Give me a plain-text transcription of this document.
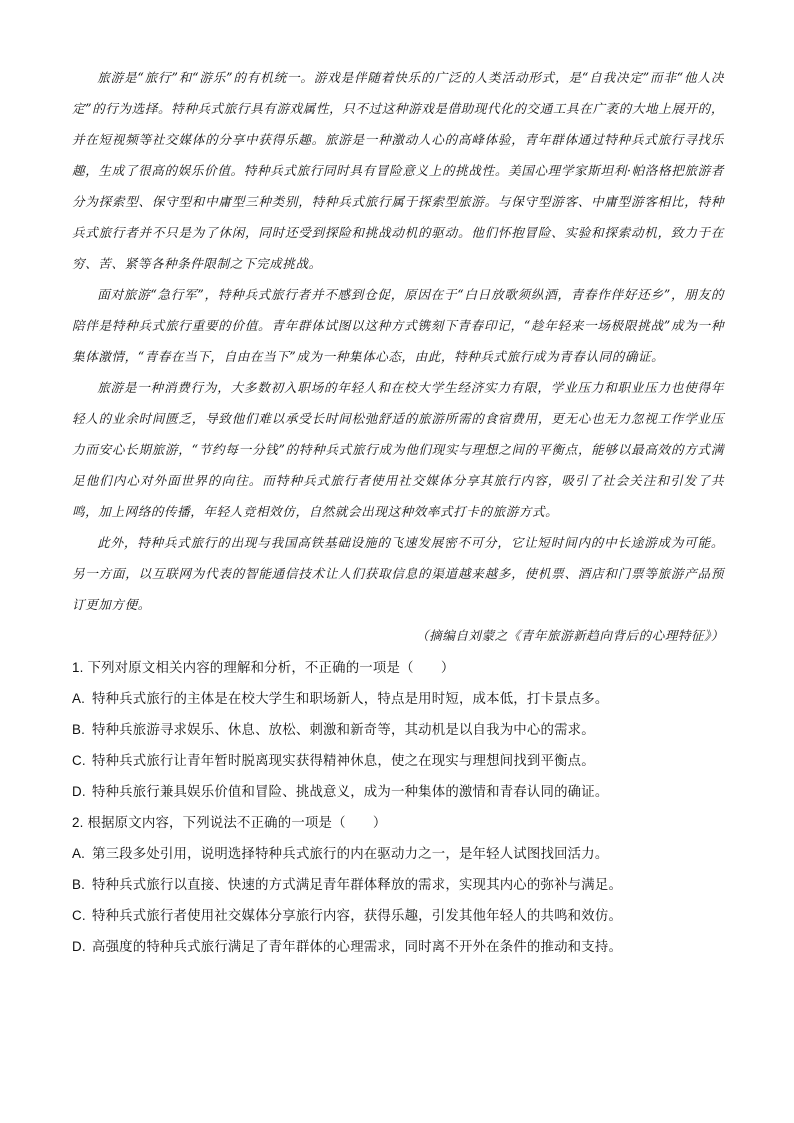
旅游是“旅行”和“游乐”的有机统一。游戏是伴随着快乐的广泛的人类活动形式，是“自我决定”而非“他人决定”的行为选择。特种兵式旅行具有游戏属性，只不过这种游戏是借助现代化的交通工具在广袤的大地上展开的，并在短视频等社交媒体的分享中获得乐趣。旅游是一种激动人心的高峰体验，青年群体通过特种兵式旅行寻找乐趣，生成了很高的娱乐价值。特种兵式旅行同时具有冒险意义上的挑战性。美国心理学家斯坦利·帕洛格把旅游者分为探索型、保守型和中庸型三种类别，特种兵式旅行属于探索型旅游。与保守型游客、中庸型游客相比，特种兵式旅行者并不只是为了休闲，同时还受到探险和挑战动机的驱动。他们怀抱冒险、实验和探索动机，致力于在穷、苦、紧等各种条件限制之下完成挑战。

面对旅游“急行军”，特种兵式旅行者并不感到仓促，原因在于“白日放歌须纵酒，青春作伴好还乡”，朋友的陪伴是特种兵式旅行重要的价值。青年群体试图以这种方式镌刻下青春印记，“趁年轻来一场极限挑战”成为一种集体激情，“青春在当下，自由在当下”成为一种集体心态，由此，特种兵式旅行成为青春认同的确证。

旅游是一种消费行为，大多数初入职场的年轻人和在校大学生经济实力有限，学业压力和职业压力也使得年轻人的业余时间匮乏，导致他们难以承受长时间松弛舒适的旅游所需的食宿费用，更无心也无力忽视工作学业压力而安心长期旅游，“节约每一分钱”的特种兵式旅行成为他们现实与理想之间的平衡点，能够以最高效的方式满足他们内心对外面世界的向往。而特种兵式旅行者使用社交媒体分享其旅行内容，吸引了社会关注和引发了共鸣，加上网络的传播，年轻人竞相效仿，自然就会出现这种效率式打卡的旅游方式。

此外，特种兵式旅行的出现与我国高铁基础设施的飞速发展密不可分，它让短时间内的中长途游成为可能。另一方面，以互联网为代表的智能通信技术让人们获取信息的渠道越来越多，使机票、酒店和门票等旅游产品预订更加方便。

（摘编自刘蒙之《青年旅游新趋向背后的心理特征》）

1. 下列对原文相关内容的理解和分析，不正确的一项是（　　）

A. 特种兵式旅行的主体是在校大学生和职场新人，特点是用时短，成本低，打卡景点多。

B. 特种兵旅游寻求娱乐、休息、放松、刺激和新奇等，其动机是以自我为中心的需求。

C. 特种兵式旅行让青年暂时脱离现实获得精神休息，使之在现实与理想间找到平衡点。

D. 特种兵旅行兼具娱乐价值和冒险、挑战意义，成为一种集体的激情和青春认同的确证。

2. 根据原文内容，下列说法不正确的一项是（　　）

A. 第三段多处引用，说明选择特种兵式旅行的内在驱动力之一，是年轻人试图找回活力。

B. 特种兵式旅行以直接、快速的方式满足青年群体释放的需求，实现其内心的弥补与满足。

C. 特种兵式旅行者使用社交媒体分享旅行内容，获得乐趣，引发其他年轻人的共鸣和效仿。

D. 高强度的特种兵式旅行满足了青年群体的心理需求，同时离不开外在条件的推动和支持。
